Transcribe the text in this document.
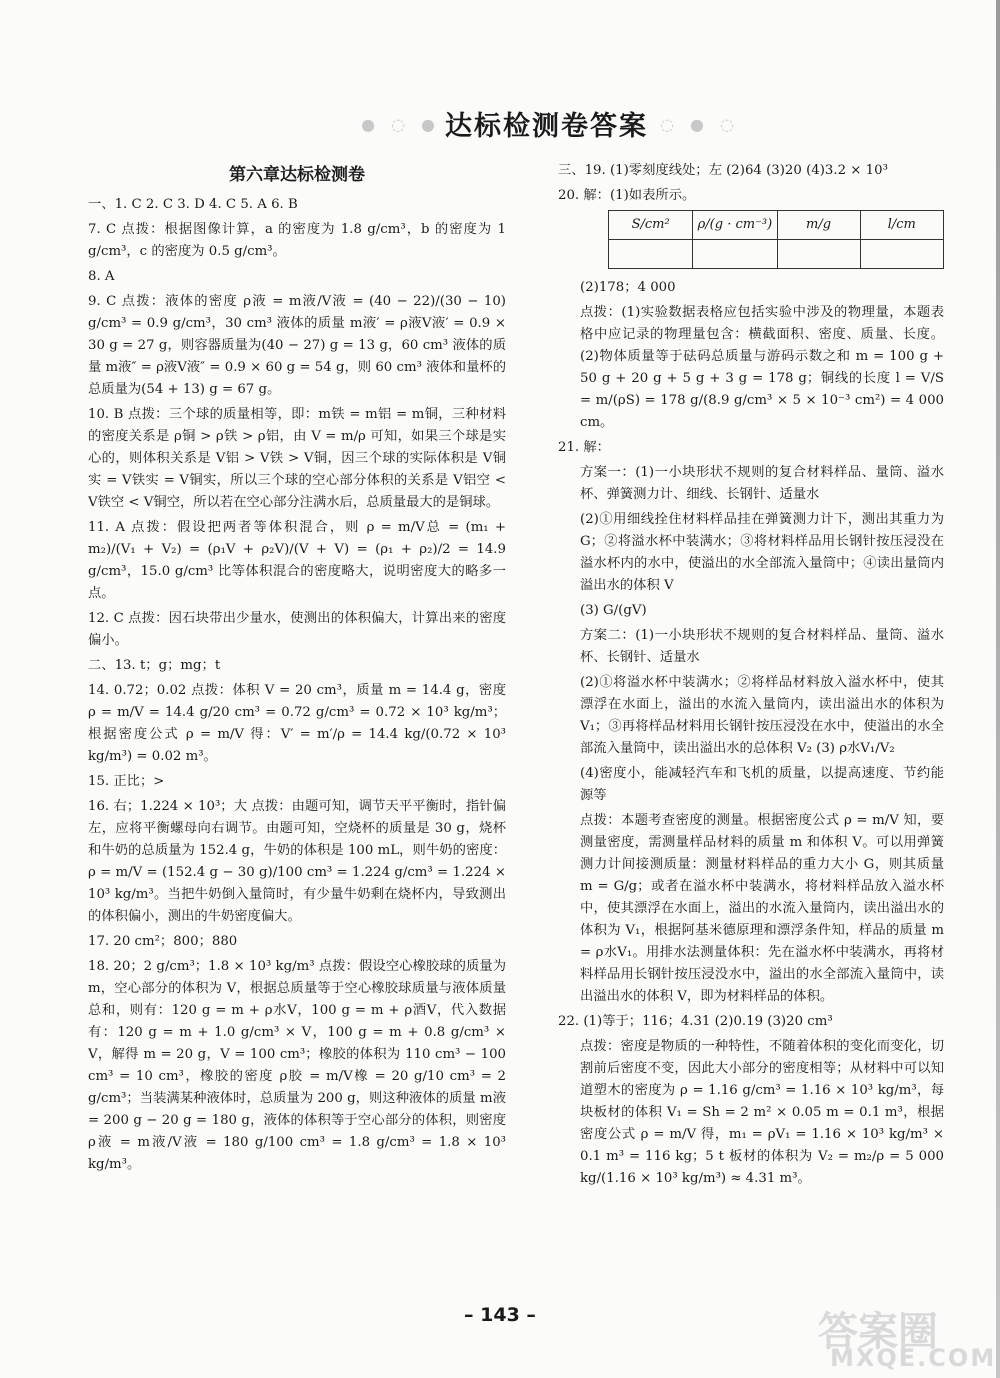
● ◌ ● 达标检测卷答案 ◌ ● ◌
第六章达标检测卷

一、1. C 2. C 3. D 4. C 5. A 6. B

7. C 点拨：根据图像计算，a 的密度为 1.8 g/cm³，b 的密度为 1 g/cm³，c 的密度为 0.5 g/cm³。

8. A

9. C 点拨：液体的密度 ρ液 = m液/V液 = (40 − 22)/(30 − 10) g/cm³ = 0.9 g/cm³，30 cm³ 液体的质量 m液′ = ρ液V液′ = 0.9 × 30 g = 27 g，则容器质量为(40 − 27) g = 13 g，60 cm³ 液体的质量 m液″ = ρ液V液″ = 0.9 × 60 g = 54 g，则 60 cm³ 液体和量杯的总质量为(54 + 13) g = 67 g。

10. B 点拨：三个球的质量相等，即：m铁 = m铝 = m铜，三种材料的密度关系是 ρ铜 > ρ铁 > ρ铝，由 V = m/ρ 可知，如果三个球是实心的，则体积关系是 V铝 > V铁 > V铜，因三个球的实际体积是 V铜实 = V铁实 = V铜实，所以三个球的空心部分体积的关系是 V铝空 < V铁空 < V铜空，所以若在空心部分注满水后，总质量最大的是铜球。

11. A 点拨：假设把两者等体积混合，则 ρ = m/V总 = (m₁ + m₂)/(V₁ + V₂) = (ρ₁V + ρ₂V)/(V + V) = (ρ₁ + ρ₂)/2 = 14.9 g/cm³，15.0 g/cm³ 比等体积混合的密度略大，说明密度大的略多一点。

12. C 点拨：因石块带出少量水，使测出的体积偏大，计算出来的密度偏小。

二、13. t；g；mg；t

14. 0.72；0.02 点拨：体积 V = 20 cm³，质量 m = 14.4 g，密度 ρ = m/V = 14.4 g/20 cm³ = 0.72 g/cm³ = 0.72 × 10³ kg/m³；根据密度公式 ρ = m/V 得：V′ = m′/ρ = 14.4 kg/(0.72 × 10³ kg/m³) = 0.02 m³。

15. 正比；>

16. 右；1.224 × 10³；大 点拨：由题可知，调节天平平衡时，指针偏左，应将平衡螺母向右调节。由题可知，空烧杯的质量是 30 g，烧杯和牛奶的总质量为 152.4 g，牛奶的体积是 100 mL，则牛奶的密度：ρ = m/V = (152.4 g − 30 g)/100 cm³ = 1.224 g/cm³ = 1.224 × 10³ kg/m³。当把牛奶倒入量筒时，有少量牛奶剩在烧杯内，导致测出的体积偏小，测出的牛奶密度偏大。

17. 20 cm²；800；880

18. 20；2 g/cm³；1.8 × 10³ kg/m³ 点拨：假设空心橡胶球的质量为 m，空心部分的体积为 V，根据总质量等于空心橡胶球质量与液体质量总和，则有：120 g = m + ρ水V，100 g = m + ρ酒V，代入数据有：120 g = m + 1.0 g/cm³ × V，100 g = m + 0.8 g/cm³ × V，解得 m = 20 g，V = 100 cm³；橡胶的体积为 110 cm³ − 100 cm³ = 10 cm³，橡胶的密度 ρ胶 = m/V橡 = 20 g/10 cm³ = 2 g/cm³；当装满某种液体时，总质量为 200 g，则这种液体的质量 m液 = 200 g − 20 g = 180 g，液体的体积等于空心部分的体积，则密度 ρ液 = m液/V液 = 180 g/100 cm³ = 1.8 g/cm³ = 1.8 × 10³ kg/m³。

三、19. (1)零刻度线处；左 (2)64 (3)20 (4)3.2 × 10³

20. 解：(1)如表所示。

S/cm²	ρ/(g · cm⁻³)	m/g	l/cm

(2)178；4 000

点拨：(1)实验数据表格应包括实验中涉及的物理量，本题表格中应记录的物理量包含：横截面积、密度、质量、长度。(2)物体质量等于砝码总质量与游码示数之和 m = 100 g + 50 g + 20 g + 5 g + 3 g = 178 g；铜线的长度 l = V/S = m/(ρS) = 178 g/(8.9 g/cm³ × 5 × 10⁻³ cm²) = 4 000 cm。

21. 解：

方案一：(1)一小块形状不规则的复合材料样品、量筒、溢水杯、弹簧测力计、细线、长钢针、适量水

(2)①用细线拴住材料样品挂在弹簧测力计下，测出其重力为 G；②将溢水杯中装满水；③将材料样品用长钢针按压浸没在溢水杯内的水中，使溢出的水全部流入量筒中；④读出量筒内溢出水的体积 V

(3) G/(gV)

方案二：(1)一小块形状不规则的复合材料样品、量筒、溢水杯、长钢针、适量水

(2)①将溢水杯中装满水；②将样品材料放入溢水杯中，使其漂浮在水面上，溢出的水流入量筒内，读出溢出水的体积为 V₁；③再将样品材料用长钢针按压浸没在水中，使溢出的水全部流入量筒中，读出溢出水的总体积 V₂ (3) ρ水V₁/V₂

(4)密度小，能减轻汽车和飞机的质量，以提高速度、节约能源等

点拨：本题考查密度的测量。根据密度公式 ρ = m/V 知，要测量密度，需测量样品材料的质量 m 和体积 V。可以用弹簧测力计间接测质量：测量材料样品的重力大小 G，则其质量 m = G/g；或者在溢水杯中装满水，将材料样品放入溢水杯中，使其漂浮在水面上，溢出的水流入量筒内，读出溢出水的体积为 V₁，根据阿基米德原理和漂浮条件知，样品的质量 m = ρ水V₁。用排水法测量体积：先在溢水杯中装满水，再将材料样品用长钢针按压浸没水中，溢出的水全部流入量筒中，读出溢出水的体积 V，即为材料样品的体积。

22. (1)等于；116；4.31 (2)0.19 (3)20 cm³

点拨：密度是物质的一种特性，不随着体积的变化而变化，切割前后密度不变，因此大小部分的密度相等；从材料中可以知道塑木的密度为 ρ = 1.16 g/cm³ = 1.16 × 10³ kg/m³，每块板材的体积 V₁ = Sh = 2 m² × 0.05 m = 0.1 m³，根据密度公式 ρ = m/V 得，m₁ = ρV₁ = 1.16 × 10³ kg/m³ × 0.1 m³ = 116 kg；5 t 板材的体积为 V₂ = m₂/ρ = 5 000 kg/(1.16 × 10³ kg/m³) ≈ 4.31 m³。

– 143 –	答案圈
MXQE.COM
